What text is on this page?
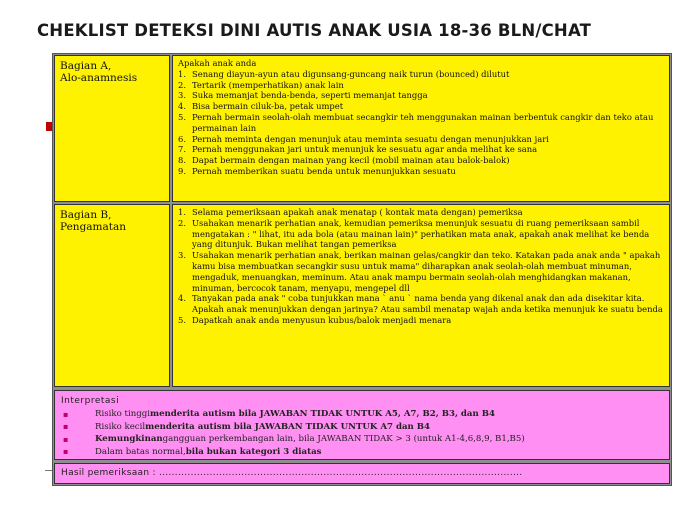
CHEKLIST DETEKSI DINI AUTIS ANAK USIA 18-36 BLN/CHAT
Bagian A,
Alo-anamnesis
Apakah anak anda
1. Senang diayun-ayun atau digunsang-guncang naik turun (bounced) dilutut
2. Tertarik (memperhatikan) anak lain
3. Suka memanjat benda-benda, seperti memanjat tangga
4. Bisa bermain ciluk-ba, petak umpet
5. Pernah bermain seolah-olah membuat secangkir teh menggunakan mainan berbentuk cangkir dan teko atau permainan lain
6. Pernah meminta dengan menunjuk atau meminta sesuatu dengan menunjukkan jari
7. Pernah menggunakan jari untuk menunjuk ke sesuatu agar anda melihat ke sana
8. Dapat bermain dengan mainan yang kecil (mobil mainan atau balok-balok)
9. Pernah memberikan suatu benda untuk menunjukkan sesuatu
Bagian B,
Pengamatan
1. Selama pemeriksaan apakah anak menatap ( kontak mata dengan) pemeriksa
2. Usahakan menarik perhatian anak, kemudian pemeriksa menunjuk sesuatu di ruang pemeriksaan sambil mengatakan : " lihat, itu ada bola (atau mainan lain)" perhatikan mata anak, apakah anak melihat ke benda yang ditunjuk. Bukan melihat tangan pemeriksa
3. Usahakan menarik perhatian anak, berikan mainan gelas/cangkir dan teko. Katakan pada anak anda " apakah kamu bisa membuatkan secangkir susu untuk mama" diharapkan anak seolah-olah membuat minuman, mengaduk, menuangkan, meminum. Atau anak mampu bermain seolah-olah menghidangkan makanan, minuman, bercocok tanam, menyapu, mengepel dll
4. Tanyakan pada anak " coba tunjukkan mana ` anu ` nama benda yang dikenal anak dan ada disekitar kita. Apakah anak menunjukkan dengan jarinya? Atau sambil menatap wajah anda ketika menunjuk ke suatu benda
5. Dapatkah anak anda menyusun kubus/balok menjadi menara
Interpretasi
▪	Risiko tinggi menderita autism bila JAWABAN TIDAK UNTUK A5, A7, B2, B3, dan B4
▪	Risiko kecil menderita autism bila JAWABAN TIDAK UNTUK A7 dan B4
▪	Kemungkinan gangguan perkembangan lain, bila JAWABAN TIDAK > 3 (untuk A1-4,6,8,9, B1,B5)
▪	Dalam batas normal, bila bukan kategori 3 diatas
Hasil pemeriksaan : ...................................................................................................................
